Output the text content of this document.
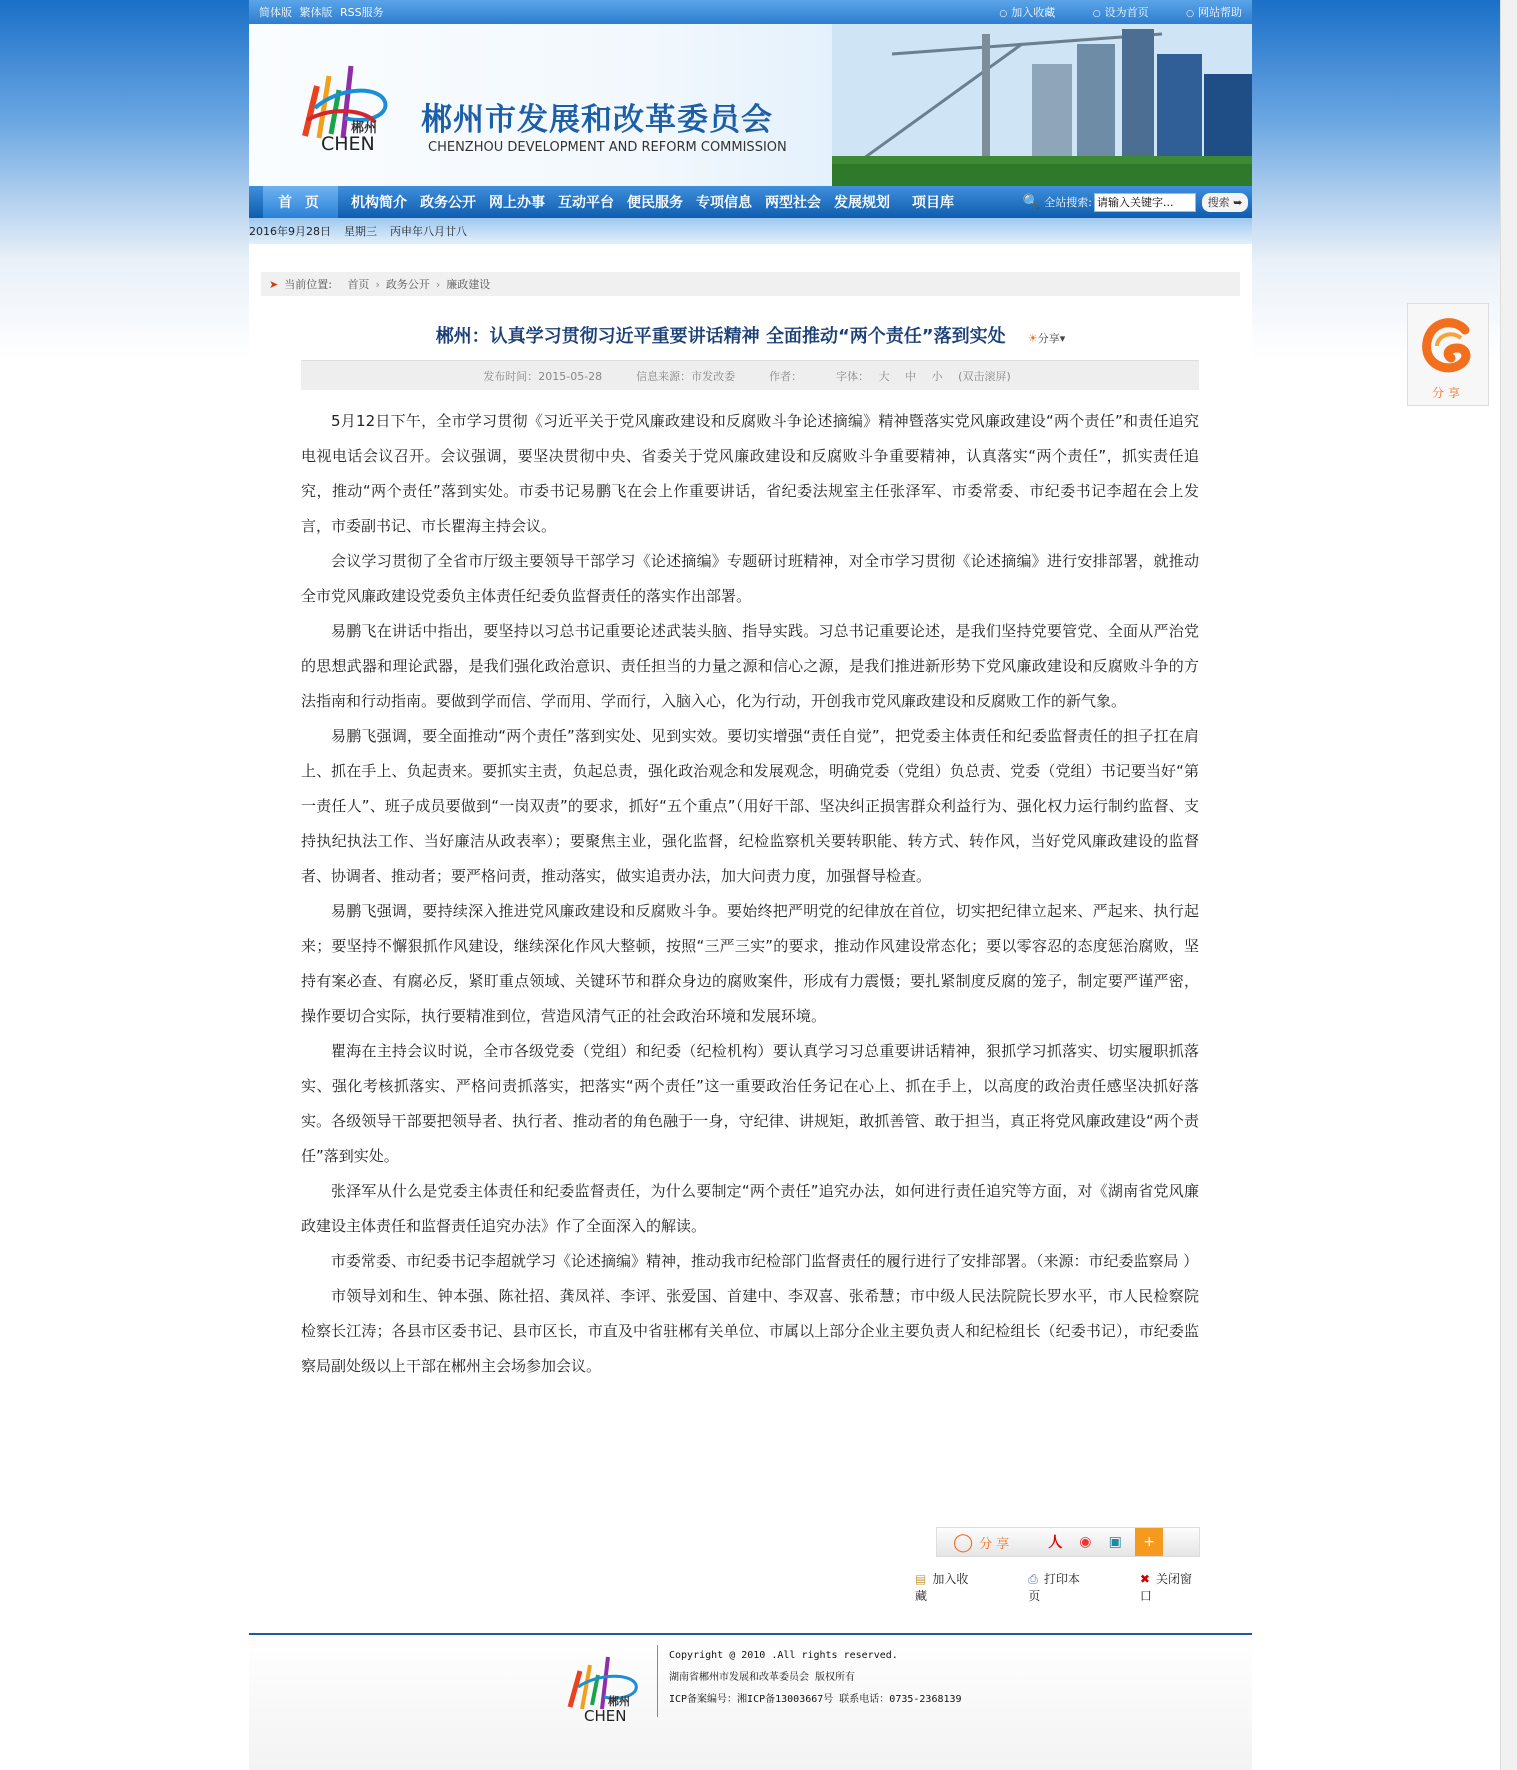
简体版 繁体版 RSS服务	○ 加入收藏	○ 设为首页	○ 网站帮助
郴州
CHEN
郴州市发展和改革委员会
CHENZHOU DEVELOPMENT AND REFORM COMMISSION
首 页	机构简介 政务公开 网上办事 互动平台 便民服务 专项信息 两型社会 发展规划 项目库	🔍 全站搜索:
请输入关键字...	搜索
➥
2016年9月28日 星期三 丙申年八月廿八
➤ 当前位置:
首页 › 政务公开 › 廉政建设
郴州：认真学习贯彻习近平重要讲话精神 全面推动“两个责任”落到实处 ☀分享▾
发布时间：2015-05-28	信息来源：市发改委	作者：	字体： 大 中 小 (双击滚屏)

5月12日下午，全市学习贯彻《习近平关于党风廉政建设和反腐败斗争论述摘编》精神暨落实党风廉政建设“两个责任”和责任追究电视电话会议召开。会议强调，要坚决贯彻中央、省委关于党风廉政建设和反腐败斗争重要精神，认真落实“两个责任”，抓实责任追究，推动“两个责任”落到实处。市委书记易鹏飞在会上作重要讲话，省纪委法规室主任张泽军、市委常委、市纪委书记李超在会上发言，市委副书记、市长瞿海主持会议。

会议学习贯彻了全省市厅级主要领导干部学习《论述摘编》专题研讨班精神，对全市学习贯彻《论述摘编》进行安排部署，就推动全市党风廉政建设党委负主体责任纪委负监督责任的落实作出部署。

易鹏飞在讲话中指出，要坚持以习总书记重要论述武装头脑、指导实践。习总书记重要论述，是我们坚持党要管党、全面从严治党的思想武器和理论武器，是我们强化政治意识、责任担当的力量之源和信心之源，是我们推进新形势下党风廉政建设和反腐败斗争的方法指南和行动指南。要做到学而信、学而用、学而行，入脑入心，化为行动，开创我市党风廉政建设和反腐败工作的新气象。

易鹏飞强调，要全面推动“两个责任”落到实处、见到实效。要切实增强“责任自觉”，把党委主体责任和纪委监督责任的担子扛在肩上、抓在手上、负起责来。要抓实主责，负起总责，强化政治观念和发展观念，明确党委（党组）负总责、党委（党组）书记要当好“第一责任人”、班子成员要做到“一岗双责”的要求，抓好“五个重点”（用好干部、坚决纠正损害群众利益行为、强化权力运行制约监督、支持执纪执法工作、当好廉洁从政表率）；要聚焦主业，强化监督，纪检监察机关要转职能、转方式、转作风，当好党风廉政建设的监督者、协调者、推动者；要严格问责，推动落实，做实追责办法，加大问责力度，加强督导检查。

易鹏飞强调，要持续深入推进党风廉政建设和反腐败斗争。要始终把严明党的纪律放在首位，切实把纪律立起来、严起来、执行起来；要坚持不懈狠抓作风建设，继续深化作风大整顿，按照“三严三实”的要求，推动作风建设常态化；要以零容忍的态度惩治腐败，坚持有案必查、有腐必反，紧盯重点领域、关键环节和群众身边的腐败案件，形成有力震慑；要扎紧制度反腐的笼子，制定要严谨严密，操作要切合实际，执行要精准到位，营造风清气正的社会政治环境和发展环境。

瞿海在主持会议时说，全市各级党委（党组）和纪委（纪检机构）要认真学习习总重要讲话精神，狠抓学习抓落实、切实履职抓落实、强化考核抓落实、严格问责抓落实，把落实“两个责任”这一重要政治任务记在心上、抓在手上，以高度的政治责任感坚决抓好落实。各级领导干部要把领导者、执行者、推动者的角色融于一身，守纪律、讲规矩，敢抓善管、敢于担当，真正将党风廉政建设“两个责任”落到实处。

张泽军从什么是党委主体责任和纪委监督责任，为什么要制定“两个责任”追究办法，如何进行责任追究等方面，对《湖南省党风廉政建设主体责任和监督责任追究办法》作了全面深入的解读。

市委常委、市纪委书记李超就学习《论述摘编》精神，推动我市纪检部门监督责任的履行进行了安排部署。（来源：市纪委监察局 ）

市领导刘和生、钟本强、陈社招、龚凤祥、李评、张爱国、首建中、李双喜、张希慧；市中级人民法院院长罗水平，市人民检察院检察长江涛；各县市区委书记、县市区长，市直及中省驻郴有关单位、市属以上部分企业主要负责人和纪检组长（纪委书记），市纪委监察局副处级以上干部在郴州主会场参加会议。

◯ 分 享	人	◉	▣	+
▤ 加入收藏
⎙ 打印本页
✖ 关闭窗口
郴州
CHEN
Copyright @ 2010 .All rights reserved.
湖南省郴州市发展和改革委员会 版权所有
ICP备案编号：湘ICP备13003667号 联系电话：0735-2368139
分享
